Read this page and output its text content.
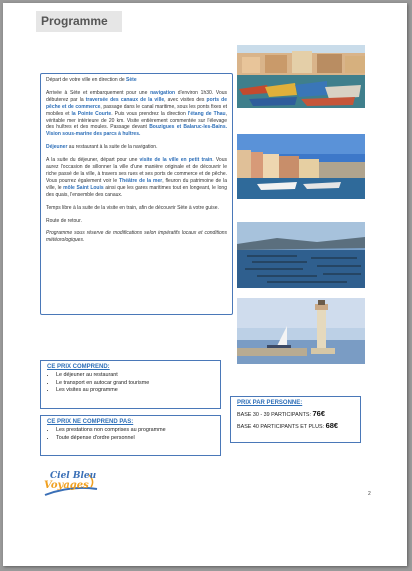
Programme

Départ de votre ville en direction de Sète

Arrivée à Sète et embarquement pour une navigation d'environ 1h30. Vous débuterez par la traversée des canaux de la ville, avec visites des ports de pêche et de commerce, passage dans le canal maritime, sous les ponts fixes et mobiles et la Pointe Courte. Puis vous prendrez la direction l'étang de Thau, véritable mer intérieure de 20 km. Visite entièrement commentée sur l'élevage des huîtres et des moules. Passage devant Bouzigues et Balaruc-les-Bains. Vision sous-marine des parcs à huîtres.

Déjeuner au restaurant à la suite de la navigation.

A la suite du déjeuner, départ pour une visite de la ville en petit train. Vous aurez l'occasion de sillonner la ville d'une manière originale et de découvrir le riche passé de la ville, à travers ses rues et ses ports de commerce et de pêche. Vous pourrez également voir le Théâtre de la mer, fleuron du patrimoine de la ville, le môle Saint Louis ainsi que les gares maritimes tout en longeant, le long des quais, l'ensemble des canaux.

Temps libre à la suite de la visite en train, afin de découvrir Sète à votre guise.

Route de retour.

Programme sous réserve de modifications selon impératifs locaux et conditions météorologiques.

CE PRIX COMPREND:
• Le déjeuner au restaurant
• Le transport en autocar grand tourisme
• Les visites au programme
CE PRIX NE COMPREND PAS:
• Les prestations non comprises au programme
• Toute dépense d'ordre personnel
PRIX PAR PERSONNE:
BASE 30 - 39 PARTICIPANTS: 76€
BASE 40 PARTICIPANTS ET PLUS: 68€
Ciel Bleu
Voyages
2
